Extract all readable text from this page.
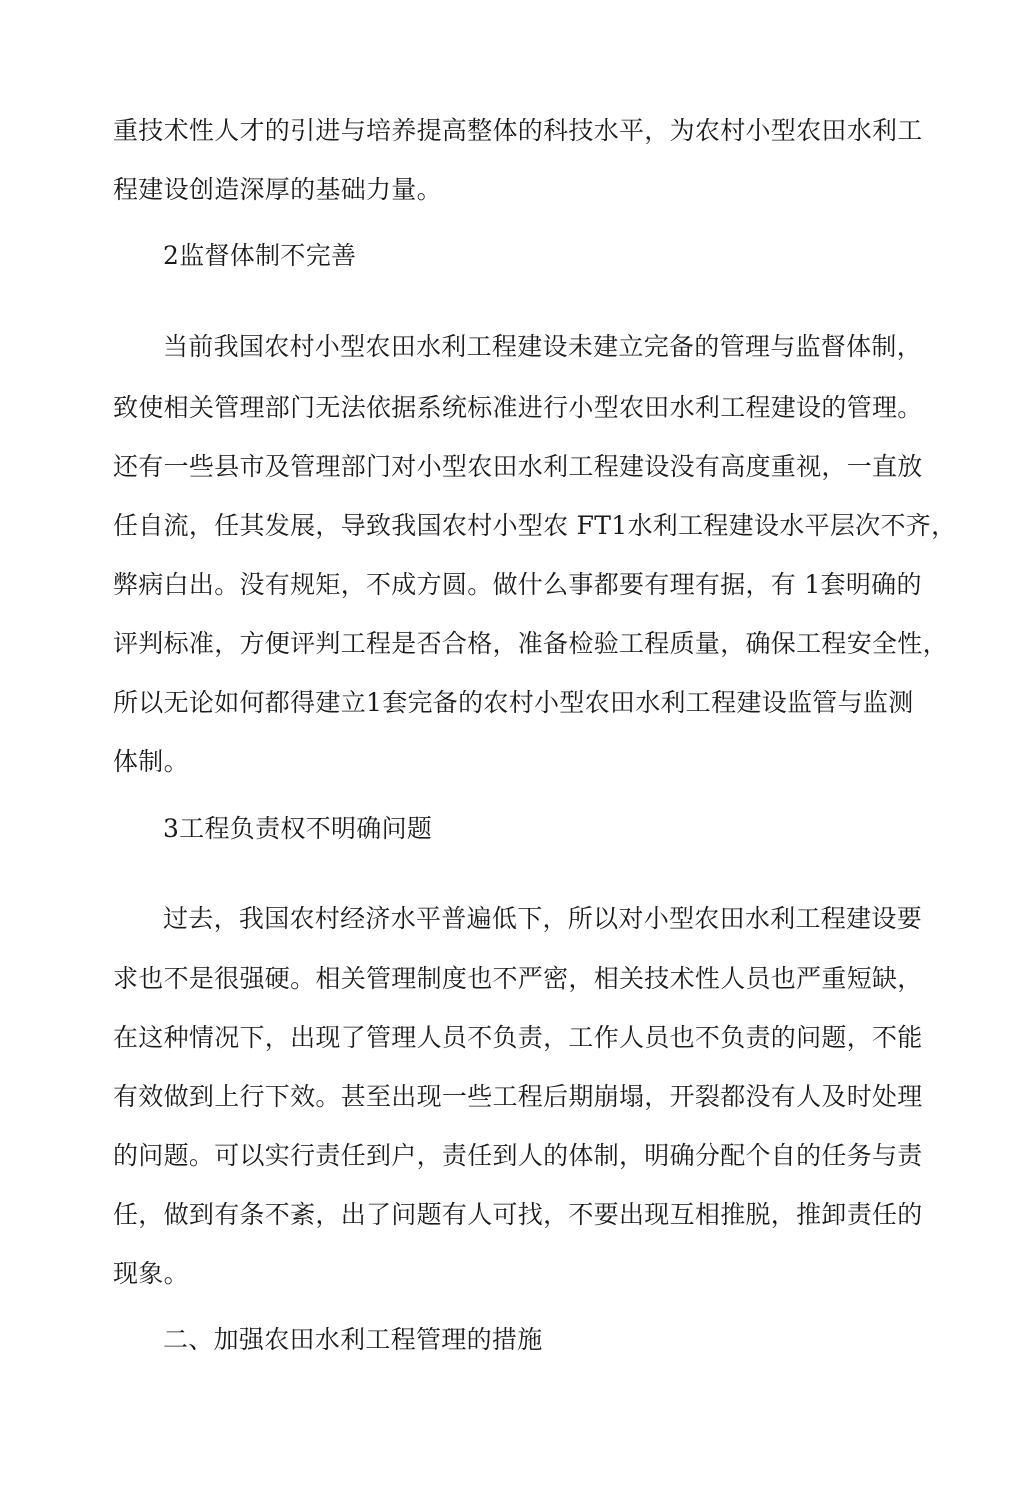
重技术性人才的引进与培养提高整体的科技水平，为农村小型农田水利工
程建设创造深厚的基础力量。
2监督体制不完善
当前我国农村小型农田水利工程建设未建立完备的管理与监督体制，
致使相关管理部门无法依据系统标准进行小型农田水利工程建设的管理。
还有一些县市及管理部门对小型农田水利工程建设没有高度重视，一直放
任自流，任其发展，导致我国农村小型农 FT1水利工程建设水平层次不齐，
弊病白出。没有规矩，不成方圆。做什么事都要有理有据，有 1套明确的
评判标准，方便评判工程是否合格，准备检验工程质量，确保工程安全性，
所以无论如何都得建立1套完备的农村小型农田水利工程建设监管与监测
体制。
3工程负责权不明确问题
过去，我国农村经济水平普遍低下，所以对小型农田水利工程建设要
求也不是很强硬。相关管理制度也不严密，相关技术性人员也严重短缺，
在这种情况下，出现了管理人员不负责，工作人员也不负责的问题，不能
有效做到上行下效。甚至出现一些工程后期崩塌，开裂都没有人及时处理
的问题。可以实行责任到户，责任到人的体制，明确分配个自的任务与责
任，做到有条不紊，出了问题有人可找，不要出现互相推脱，推卸责任的
现象。
二、加强农田水利工程管理的措施
